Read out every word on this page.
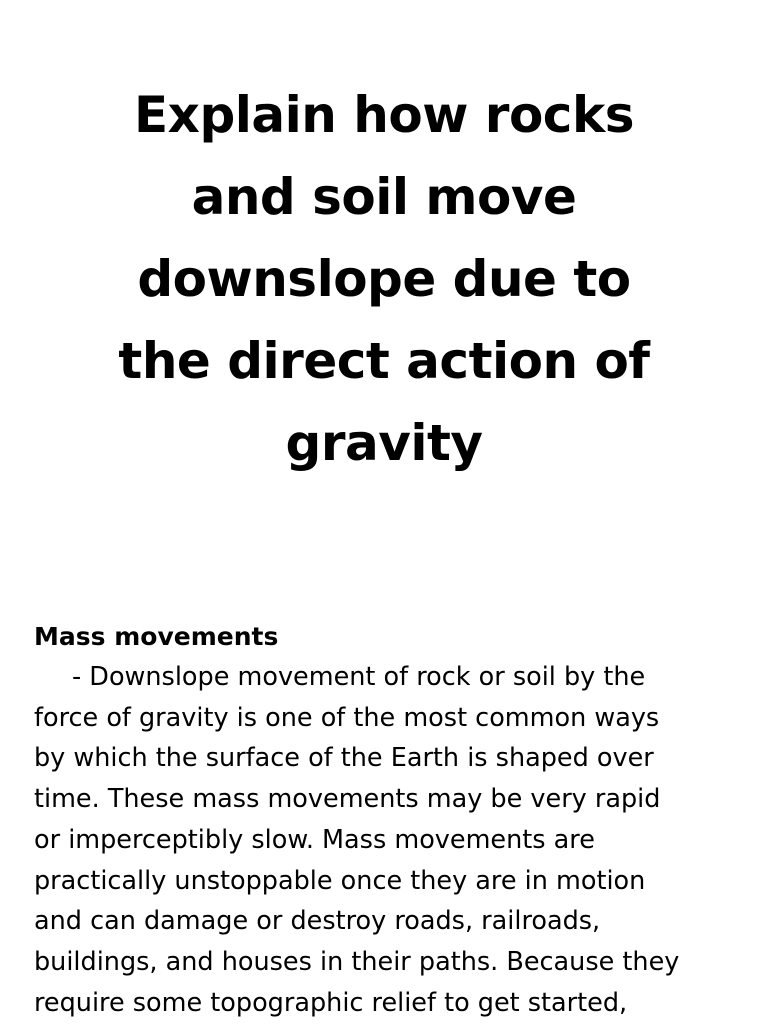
Explain how rocks
and soil move
downslope due to
the direct action of
gravity
Mass movements

- Downslope movement of rock or soil by the
force of gravity is one of the most common ways
by which the surface of the Earth is shaped over
time. These mass movements may be very rapid
or imperceptibly slow. Mass movements are
practically unstoppable once they are in motion
and can damage or destroy roads, railroads,
buildings, and houses in their paths. Because they
require some topographic relief to get started,
